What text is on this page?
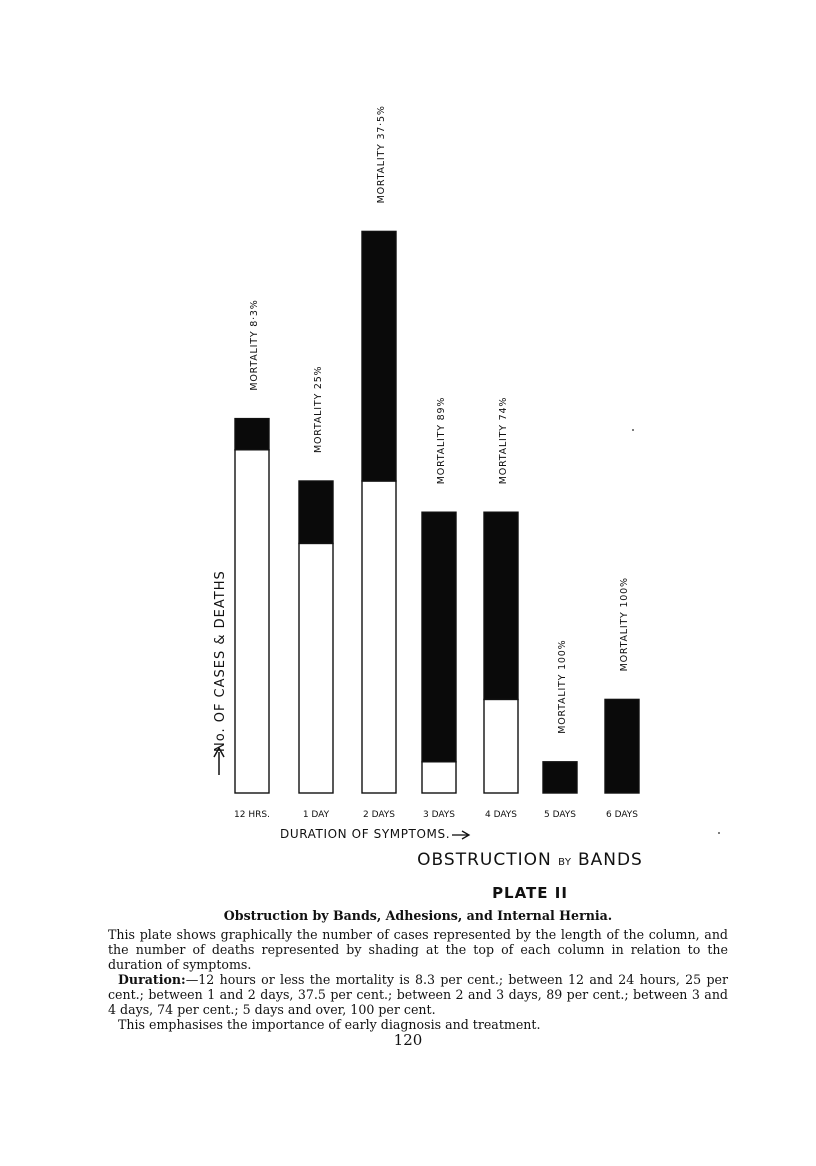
MORTALITY 8·3%
MORTALITY 25%
MORTALITY 37·5%
MORTALITY 89%	MORTALITY 74%
MORTALITY 100%
MORTALITY 100%
12 HRS.	1 DAY	2 DAYS	3 DAYS	4 DAYS	5 DAYS	6 DAYS
No. OF CASES & DEATHS
DURATION OF SYMPTOMS.
OBSTRUCTION BY BANDS
PLATE II
Obstruction by Bands, Adhesions, and Internal Hernia.

This plate shows graphically the number of cases represented by the length of the column, and the number of deaths represented by shading at the top of each column in relation to the duration of symptoms.

Duration:—12 hours or less the mortality is 8.3 per cent.; between 12 and 24 hours, 25 per cent.; between 1 and 2 days, 37.5 per cent.; between 2 and 3 days, 89 per cent.; between 3 and 4 days, 74 per cent.; 5 days and over, 100 per cent.

This emphasises the importance of early diagnosis and treatment.

120
